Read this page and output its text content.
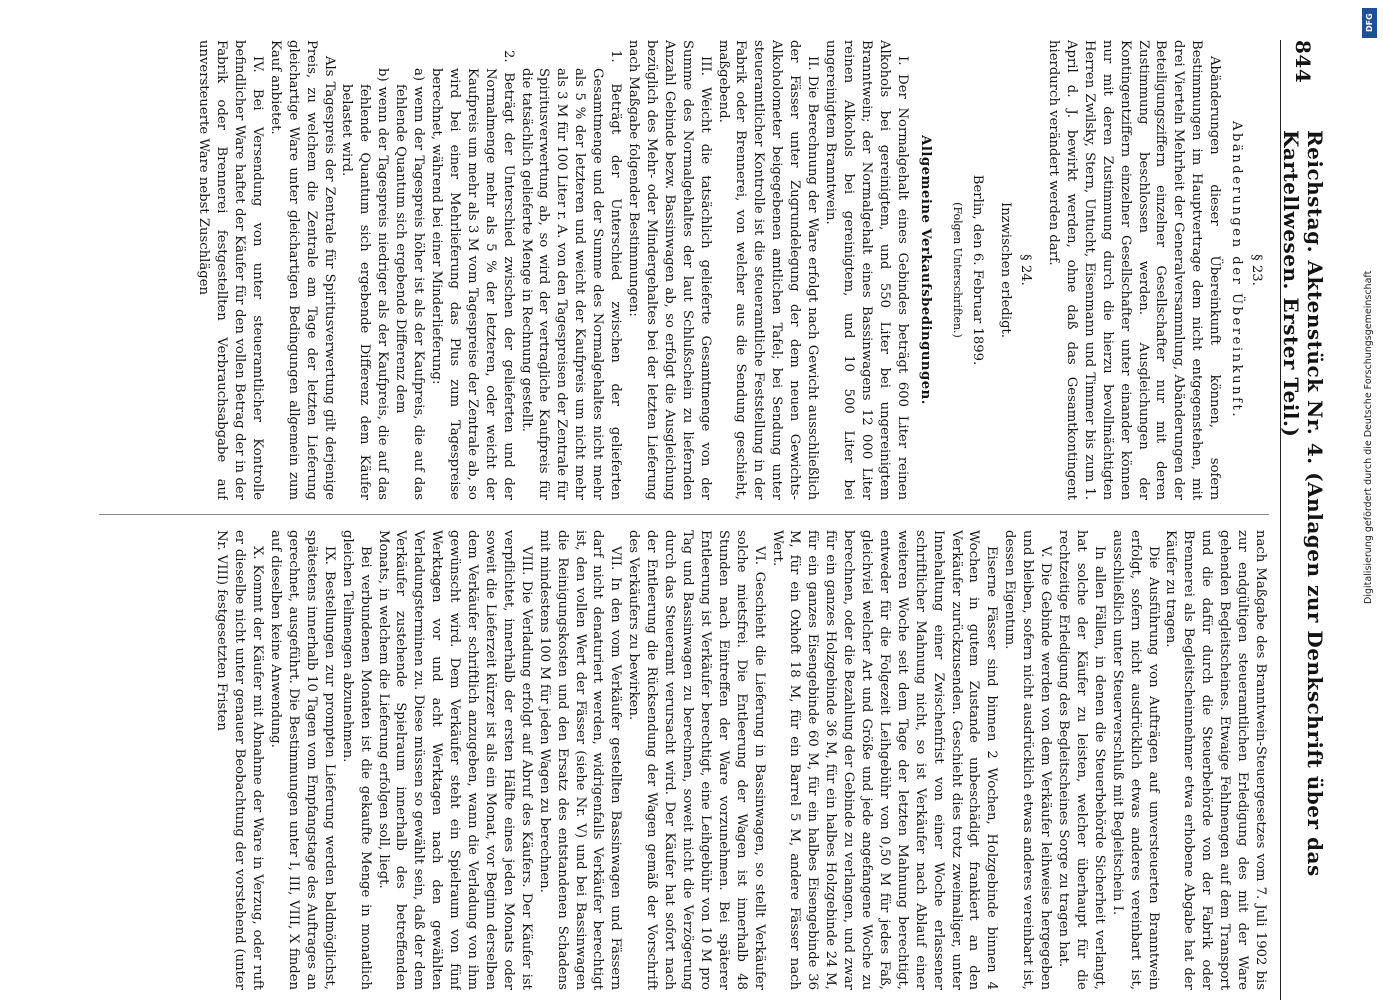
844
Reichstag. Aktenstück Nr. 4. (Anlagen zur Denkschrift über das Kartellwesen. Erster Teil.)
§ 23.
Abänderungen der Übereinkunft.

Abänderungen dieser Übereinkunft können, sofern Bestimmungen im Hauptvertrage dem nicht entgegenstehen, mit drei Vierteln Mehrheit der Generalversammlung, Abänderungen der Beteiligungsziffern einzelner Gesellschafter nur mit deren Zustimmung beschlossen werden. Ausgleichungen der Kontingentziffern einzelner Gesellschafter unter einander können nur mit deren Zustimmung durch die hierzu bevollmächtigten Herren Zwilsky, Stern, Untucht, Eisenmann und Timmer bis zum 1. April d. J. bewirkt werden, ohne daß das Gesamtkontingent hierdurch verändert werden darf.

§ 24.
Inzwischen erledigt.
Berlin, den 6. Februar 1899.
(Folgen Unterschriften.)
Allgemeine Verkaufsbedingungen.

I. Der Normalgehalt eines Gebindes beträgt 600 Liter reinen Alkohols bei gereinigtem, und 550 Liter bei ungereinigtem Branntwein; der Normalgehalt eines Bassinwagens 12 000 Liter reinen Alkohols bei gereinigtem, und 10 500 Liter bei ungereinigtem Branntwein.

II. Die Berechnung der Ware erfolgt nach Gewicht ausschließlich der Fässer unter Zugrundelegung der dem neuen Gewichts-Alkoholometer beigegebenen amtlichen Tafel; bei Sendung unter steueramtlicher Kontrolle ist die steueramtliche Feststellung in der Fabrik oder Brennerei, von welcher aus die Sendung geschieht, maßgebend.

III. Weicht die tatsächlich gelieferte Gesamtmenge von der Summe des Normalgehaltes der laut Schlußschein zu liefernden Anzahl Gebinde bezw. Bassinwagen ab, so erfolgt die Ausgleichung bezüglich des Mehr- oder Mindergehaltes bei der letzten Lieferung nach Maßgabe folgender Bestimmungen:

1. Beträgt der Unterschied zwischen der gelieferten Gesamtmenge und der Summe des Normalgehaltes nicht mehr als 5 % der letzteren und weicht der Kaufpreis um nicht mehr als 3 M für 100 Liter r. A. von den Tagespreisen der Zentrale für Spiritusverwertung ab, so wird der vertragliche Kaufpreis für die tatsächlich gelieferte Menge in Rechnung gestellt.

2. Beträgt der Unterschied zwischen der gelieferten und der Normalmenge mehr als 5 % der letzteren, oder weicht der Kaufpreis um mehr als 3 M vom Tagespreise der Zentrale ab, so wird bei einer Mehrlieferung das Plus zum Tagespreise berechnet, während bei einer Minderlieferung:

a) wenn der Tagespreis höher ist als der Kaufpreis, die auf das fehlende Quantum sich ergebende Differenz dem

b) wenn der Tagespreis niedriger als der Kaufpreis, die auf das fehlende Quantum sich ergebende Differenz dem Käufer belastet wird.

Als Tagespreis der Zentrale für Spiritusverwertung gilt derjenige Preis, zu welchem die Zentrale am Tage der letzten Lieferung gleichartige Ware unter gleichartigen Bedingungen allgemein zum Kauf anbietet.

IV. Bei Versendung von unter steueramtlicher Kontrolle befindlicher Ware haftet der Käufer für den vollen Betrag der in der Fabrik oder Brennerei festgestellten Verbrauchsabgabe auf unversteuerte Ware nebst Zuschlägen

nach Maßgabe des Branntwein-Steuergesetzes vom 7. Juli 1902 bis zur endgültigen steueramtlichen Erledigung des mit der Ware gehenden Begleitscheines. Etwaige Fehlmengen auf dem Transport und die dafür durch die Steuerbehörde von der Fabrik oder Brennerei als Begleitscheinnehmer etwa erhobene Abgabe hat der Käufer zu tragen.

Die Ausführung von Aufträgen auf unversteuerten Branntwein erfolgt, sofern nicht ausdrücklich etwas anderes vereinbart ist, ausschließlich unter Steuerverschluß mit Begleitschein I.

In allen Fällen, in denen die Steuerbehörde Sicherheit verlangt, hat solche der Käufer zu leisten, welcher überhaupt für die rechtzeitige Erledigung des Begleitscheines Sorge zu tragen hat.

V. Die Gebinde werden von dem Verkäufer leihweise hergegeben und bleiben, sofern nicht ausdrücklich etwas anderes vereinbart ist, dessen Eigentum.

Eiserne Fässer sind binnen 2 Wochen, Holzgebinde binnen 4 Wochen in gutem Zustande unbeschädigt frankiert an den Verkäufer zurückzusenden. Geschieht dies trotz zweimaliger, unter Innehaltung einer Zwischenfrist von einer Woche erlassener schriftlicher Mahnung nicht, so ist Verkäufer nach Ablauf einer weiteren Woche seit dem Tage der letzten Mahnung berechtigt, entweder für die Folgezeit Leihgebühr von 0,50 M für jedes Faß, gleichviel welcher Art und Größe und jede angefangene Woche zu berechnen, oder die Bezahlung der Gebinde zu verlangen, und zwar für ein ganzes Holzgebinde 36 M, für ein halbes Holzgebinde 24 M, für ein ganzes Eisengebinde 60 M, für ein halbes Eisengebinde 36 M, für ein Oxhoft 18 M, für ein Barrel 5 M, andere Fässer nach Wert.

VI. Geschieht die Lieferung in Bassinwagen, so stellt Verkäufer solche mietsfrei. Die Entleerung der Wagen ist innerhalb 48 Stunden nach Eintreffen der Ware vorzunehmen. Bei späterer Entleerung ist Verkäufer berechtigt, eine Leihgebühr von 10 M pro Tag und Bassinwagen zu berechnen, soweit nicht die Verzögerung durch das Steueramt verursacht wird. Der Käufer hat sofort nach der Entleerung die Rücksendung der Wagen gemäß der Vorschrift des Verkäufers zu bewirken.

VII. In den vom Verkäufer gestellten Bassinwagen und Fässern darf nicht denaturiert werden, widrigenfalls Verkäufer berechtigt ist, den vollen Wert der Fässer (siehe Nr. V) und bei Bassinwagen die Reinigungskosten und den Ersatz des entstandenen Schadens mit mindestens 100 M für jeden Wagen zu berechnen.

VIII. Die Verladung erfolgt auf Abruf des Käufers. Der Käufer ist verpflichtet, innerhalb der ersten Hälfte eines jeden Monats oder soweit die Lieferzeit kürzer ist als ein Monat, vor Beginn derselben dem Verkäufer schriftlich anzugeben, wann die Verladung von ihm gewünscht wird. Dem Verkäufer steht ein Spielraum von fünf Werktagen vor und acht Werktagen nach den gewählten Verladungsterminen zu. Diese müssen so gewählt sein, daß der dem Verkäufer zustehende Spielraum innerhalb des betreffenden Monats, in welchem die Lieferung erfolgen soll, liegt.

Bei verbundenen Monaten ist die gekaufte Menge in monatlich gleichen Teilmengen abzunehmen.

IX. Bestellungen zur prompten Lieferung werden baldmöglichst, spätestens innerhalb 10 Tagen vom Empfangstage des Auftrages an gerechnet, ausgeführt. Die Bestimmungen unter I, III, VIII, X finden auf dieselben keine Anwendung.

X. Kommt der Käufer mit Abnahme der Ware in Verzug, oder ruft er dieselbe nicht unter genauer Beobachtung der vorstehend (unter Nr. VIII) festgesetzten Fristen

DFG
Digitalisierung gefördert durch die Deutsche Forschungsgemeinschaft
